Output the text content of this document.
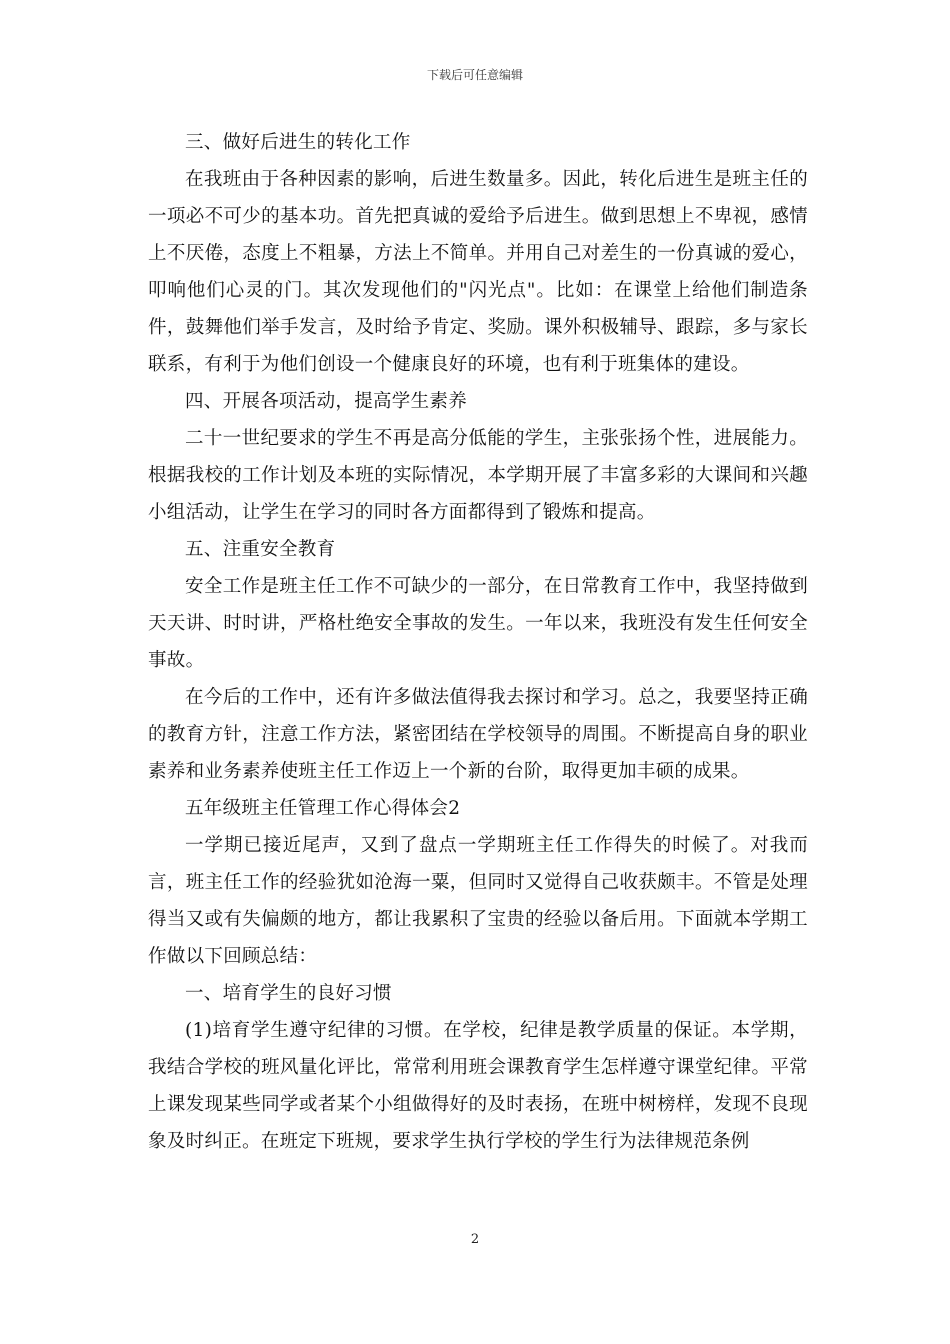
下载后可任意编辑

三、做好后进生的转化工作

在我班由于各种因素的影响，后进生数量多。因此，转化后进生是班主任的一项必不可少的基本功。首先把真诚的爱给予后进生。做到思想上不卑视，感情上不厌倦，态度上不粗暴，方法上不简单。并用自己对差生的一份真诚的爱心，叩响他们心灵的门。其次发现他们的"闪光点"。比如：在课堂上给他们制造条件，鼓舞他们举手发言，及时给予肯定、奖励。课外积极辅导、跟踪，多与家长联系，有利于为他们创设一个健康良好的环境，也有利于班集体的建设。

四、开展各项活动，提高学生素养

二十一世纪要求的学生不再是高分低能的学生，主张张扬个性，进展能力。根据我校的工作计划及本班的实际情况，本学期开展了丰富多彩的大课间和兴趣小组活动，让学生在学习的同时各方面都得到了锻炼和提高。

五、注重安全教育

安全工作是班主任工作不可缺少的一部分，在日常教育工作中，我坚持做到天天讲、时时讲，严格杜绝安全事故的发生。一年以来，我班没有发生任何安全事故。

在今后的工作中，还有许多做法值得我去探讨和学习。总之，我要坚持正确的教育方针，注意工作方法，紧密团结在学校领导的周围。不断提高自身的职业素养和业务素养使班主任工作迈上一个新的台阶，取得更加丰硕的成果。

五年级班主任管理工作心得体会2

一学期已接近尾声，又到了盘点一学期班主任工作得失的时候了。对我而言，班主任工作的经验犹如沧海一粟，但同时又觉得自己收获颇丰。不管是处理得当又或有失偏颇的地方，都让我累积了宝贵的经验以备后用。下面就本学期工作做以下回顾总结：

一、培育学生的良好习惯

(1)培育学生遵守纪律的习惯。在学校，纪律是教学质量的保证。本学期，我结合学校的班风量化评比，常常利用班会课教育学生怎样遵守课堂纪律。平常上课发现某些同学或者某个小组做得好的及时表扬，在班中树榜样，发现不良现象及时纠正。在班定下班规，要求学生执行学校的学生行为法律规范条例

2
